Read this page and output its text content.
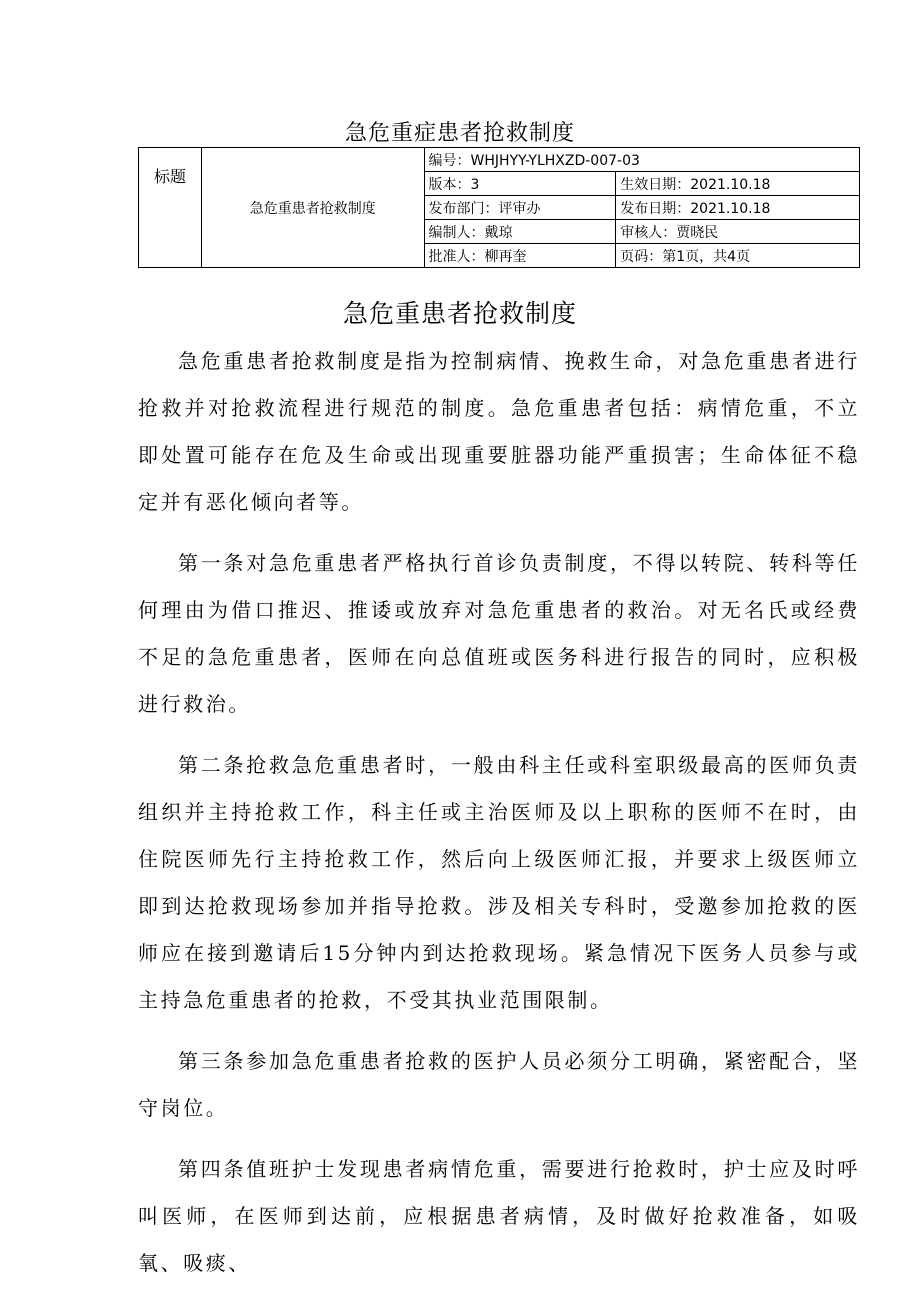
急危重症患者抢救制度
标题	急危重患者抢救制度	编号：WHJHYY-YLHXZD-007-03	
		版本：3	生效日期：2021.10.18
		发布部门：评审办	发布日期：2021.10.18
		编制人：戴琼	审核人：贾晓民
		批准人：柳再奎	页码：第1页，共4页
急危重患者抢救制度

急危重患者抢救制度是指为控制病情、挽救生命，对急危重患者进行抢救并对抢救流程进行规范的制度。急危重患者包括：病情危重，不立即处置可能存在危及生命或出现重要脏器功能严重损害；生命体征不稳定并有恶化倾向者等。

第一条对急危重患者严格执行首诊负责制度，不得以转院、转科等任何理由为借口推迟、推诿或放弃对急危重患者的救治。对无名氏或经费不足的急危重患者，医师在向总值班或医务科进行报告的同时，应积极进行救治。

第二条抢救急危重患者时，一般由科主任或科室职级最高的医师负责组织并主持抢救工作，科主任或主治医师及以上职称的医师不在时，由住院医师先行主持抢救工作，然后向上级医师汇报，并要求上级医师立即到达抢救现场参加并指导抢救。涉及相关专科时，受邀参加抢救的医师应在接到邀请后15分钟内到达抢救现场。紧急情况下医务人员参与或主持急危重患者的抢救，不受其执业范围限制。

第三条参加急危重患者抢救的医护人员必须分工明确，紧密配合，坚守岗位。

第四条值班护士发现患者病情危重，需要进行抢救时，护士应及时呼叫医师，在医师到达前，应根据患者病情，及时做好抢救准备，如吸氧、吸痰、
